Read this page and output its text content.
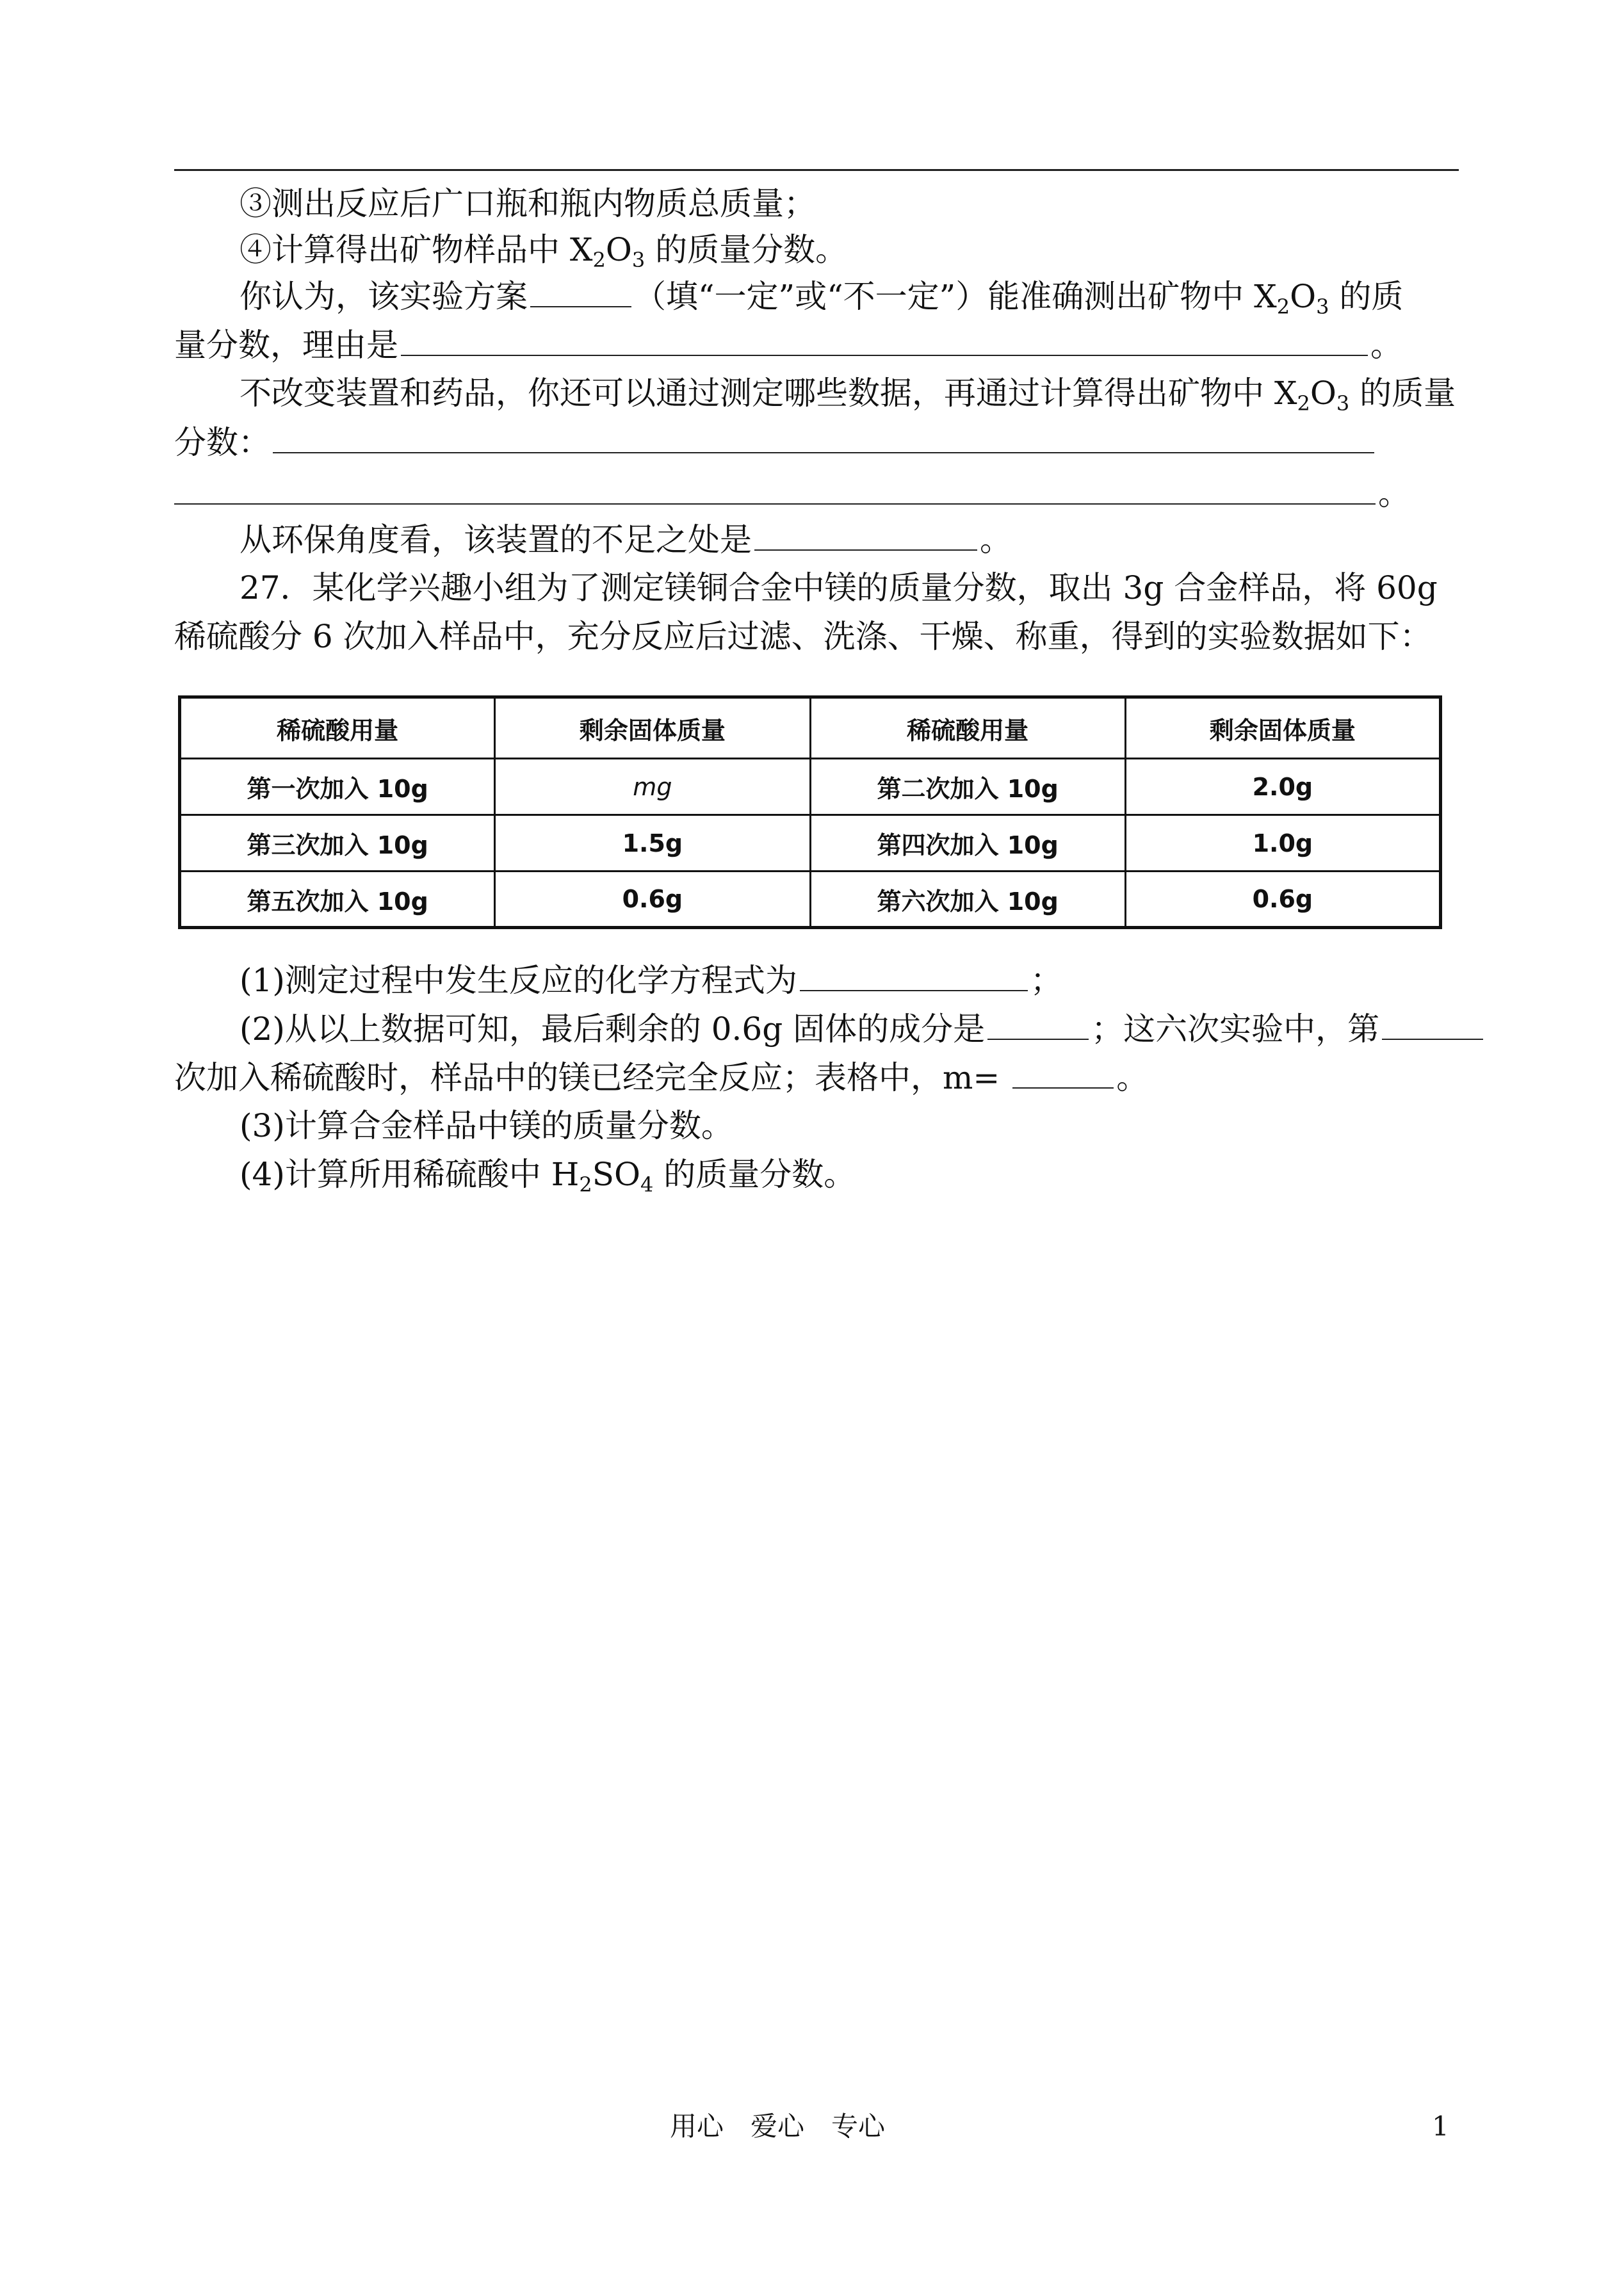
③测出反应后广口瓶和瓶内物质总质量；
④计算得出矿物样品中 $X_2O_3$ 的质量分数。
你认为，该实验方案	（填“一定”或“不一定”）能准确测出矿物中 $X_2O_3$ 的质
量分数，理由是	。
不改变装置和药品，你还可以通过测定哪些数据，再通过计算得出矿物中 $X_2O_3$ 的质量
分数：
。
从环保角度看，该装置的不足之处是	。
27．某化学兴趣小组为了测定镁铜合金中镁的质量分数，取出 3g 合金样品，将 60g
稀硫酸分 6 次加入样品中，充分反应后过滤、洗涤、干燥、称重，得到的实验数据如下：
稀硫酸用量	剩余固体质量	稀硫酸用量	剩余固体质量
第一次加入 10g	mg	第二次加入 10g	2.0g
第三次加入 10g	1.5g	第四次加入 10g	1.0g
第五次加入 10g	0.6g	第六次加入 10g	0.6g
(1)测定过程中发生反应的化学方程式为	；
(2)从以上数据可知，最后剩余的 0.6g 固体的成分是	；这六次实验中，第
次加入稀硫酸时，样品中的镁已经完全反应；表格中，m=	。
(3)计算合金样品中镁的质量分数。
(4)计算所用稀硫酸中 $H_2SO_4$ 的质量分数。
用心　爱心　专心	1
